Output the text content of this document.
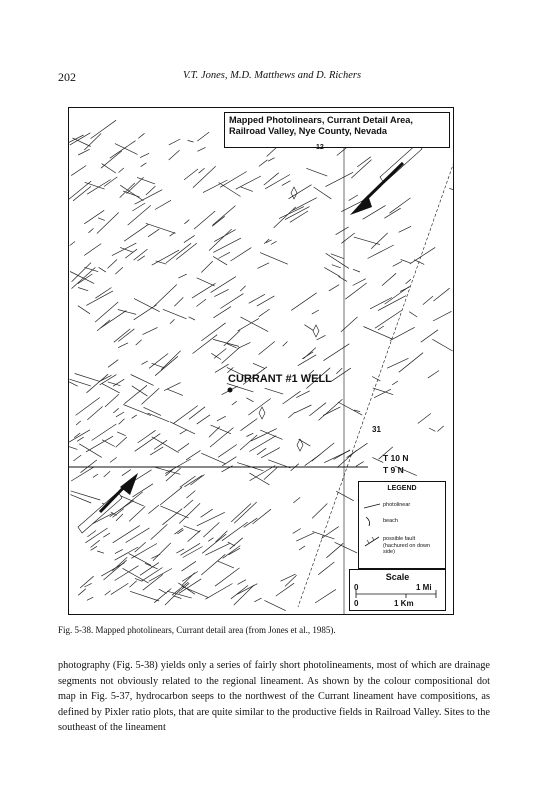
202	V.T. Jones, M.D. Matthews and D. Richers
Mapped Photolinears, Currant Detail Area,
Railroad Valley, Nye County, Nevada
12
CURRANT #1 WELL
31
T 10 N
T 9 N
LEGEND
photolinear
beach
possible fault (hachured on down side)
Scale
0	1 Mi
0	1 Km
Fig. 5-38. Mapped photolinears, Currant detail area (from Jones et al., 1985).

photography (Fig. 5-38) yields only a series of fairly short photolineaments, most of which are drainage segments not obviously related to the regional lineament. As shown by the colour compositional dot map in Fig. 5-37, hydrocarbon seeps to the northwest of the Currant lineament have compositions, as defined by Pixler ratio plots, that are quite similar to the productive fields in Railroad Valley. Sites to the southeast of the lineament
